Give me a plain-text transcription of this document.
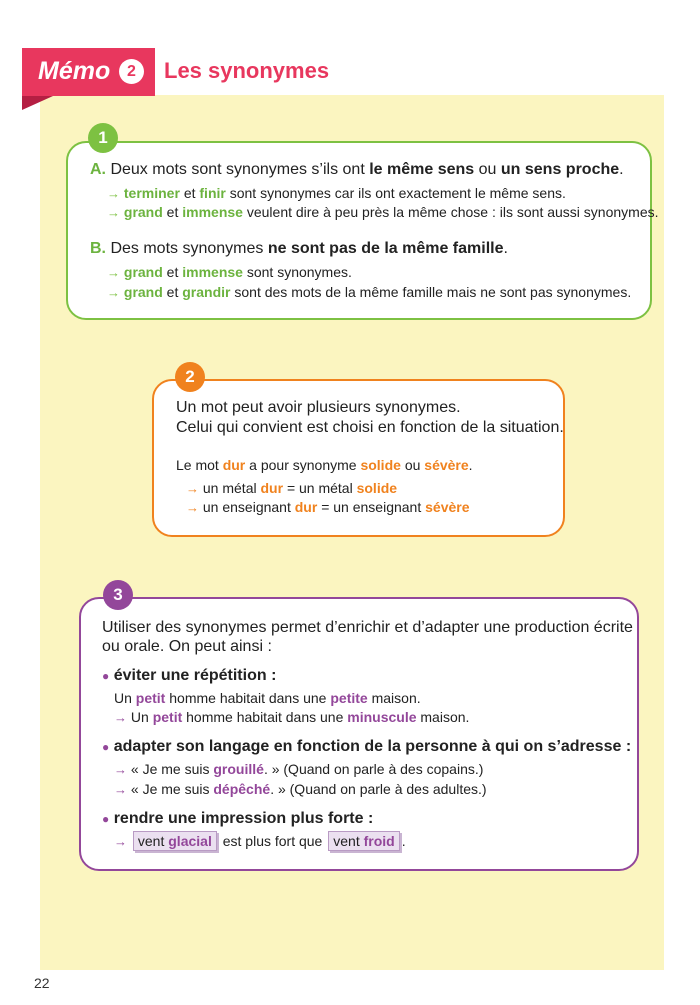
Mémo	2	Les synonymes
1
A. Deux mots sont synonymes s’ils ont le même sens ou un sens proche.
→ terminer et finir sont synonymes car ils ont exactement le même sens.
→ grand et immense veulent dire à peu près la même chose : ils sont aussi synonymes.
B. Des mots synonymes ne sont pas de la même famille.
→ grand et immense sont synonymes.
→ grand et grandir sont des mots de la même famille mais ne sont pas synonymes.
2
Un mot peut avoir plusieurs synonymes.
Celui qui convient est choisi en fonction de la situation.
Le mot dur a pour synonyme solide ou sévère.
→ un métal dur = un métal solide
→ un enseignant dur = un enseignant sévère
3
Utiliser des synonymes permet d’enrichir et d’adapter une production écrite
ou orale. On peut ainsi :
● éviter une répétition :
Un petit homme habitait dans une petite maison.
→ Un petit homme habitait dans une minuscule maison.
● adapter son langage en fonction de la personne à qui on s’adresse :
→ « Je me suis grouillé. » (Quand on parle à des copains.)
→ « Je me suis dépêché. » (Quand on parle à des adultes.)
● rendre une impression plus forte :
→ vent glacial est plus fort que vent froid .
22
